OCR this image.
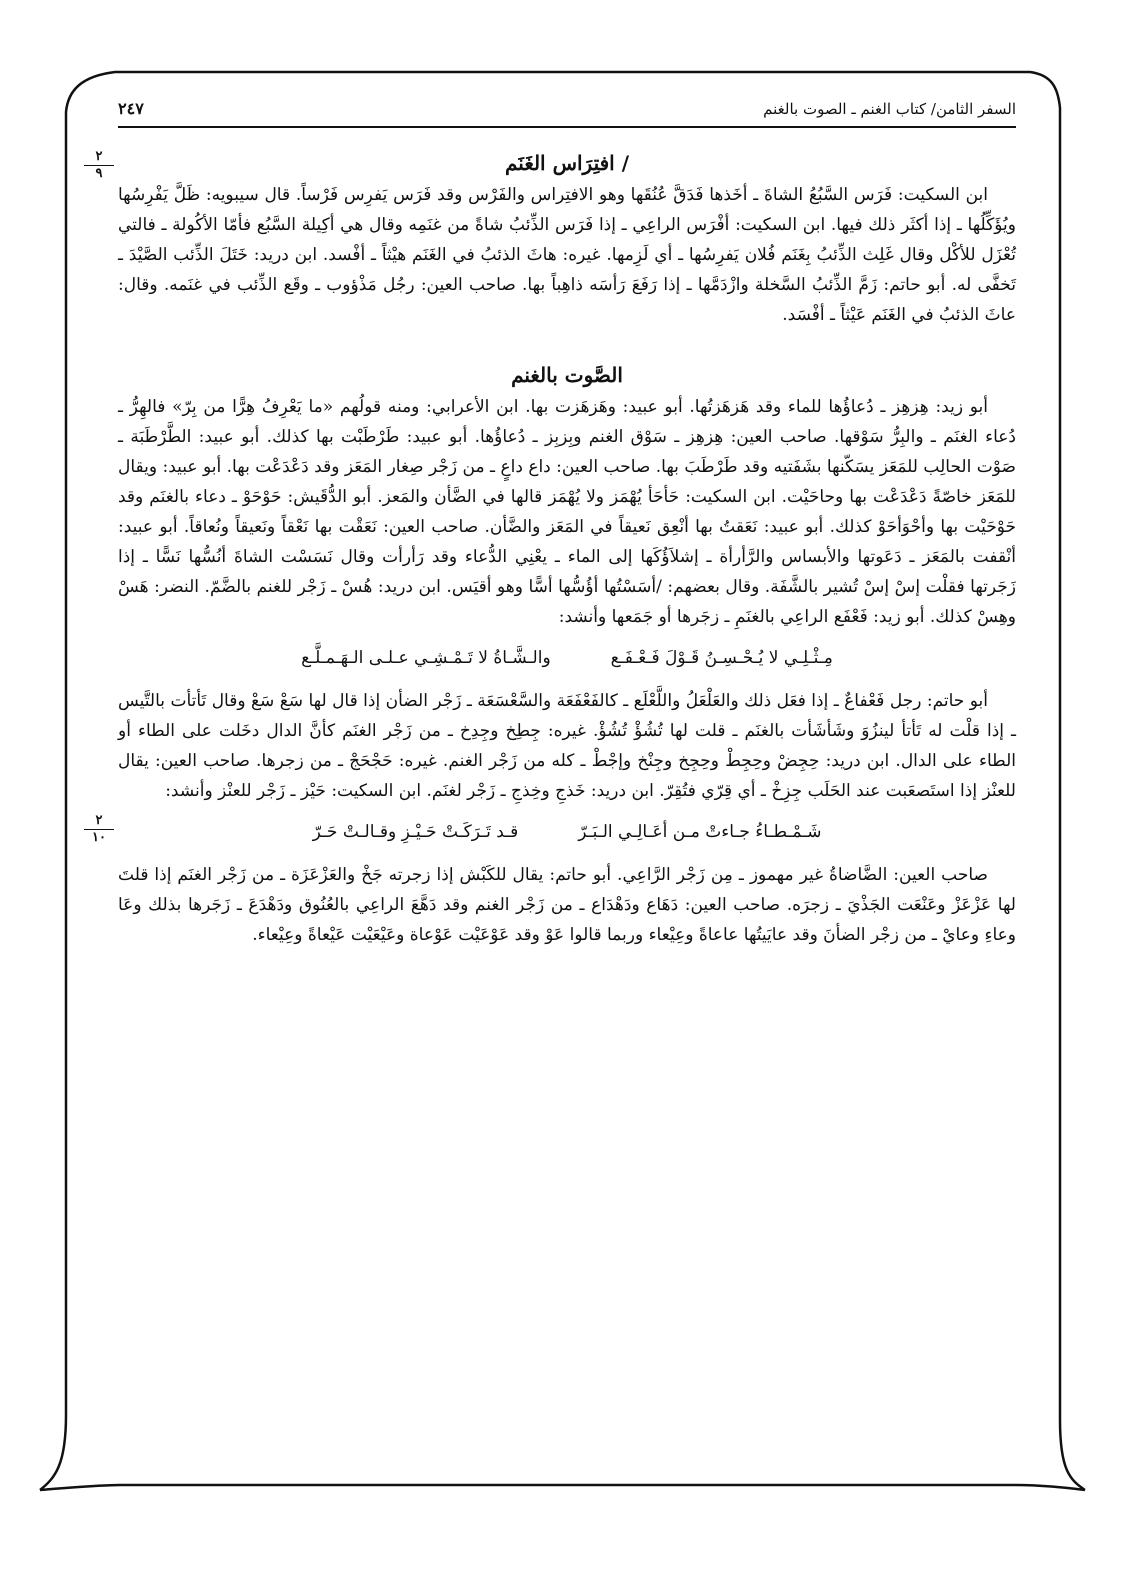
السفر الثامن/ كتاب الغنم ـ الصوت بالغنم
٢٤٧
/ افتِرَاس الغَنَم

ابن السكيت: فَرَس السَّبُعُ الشاةَ ـ أخَذها فَدَقَّ عُنُقَها وهو الافتِراس والفَرْس وقد فَرَس يَفرِس فَرْساً. قال سيبويه: ظَلَّ يَفْرِسُها ويُؤَكِّلُها ـ إذا أكثَر ذلك فيها. ابن السكيت: أفْرَس الراعِي ـ إذا فَرَس الذِّئبُ شاةً من غنَمِه وقال هي أكِيلة السَّبُع فأمّا الأكُولة ـ فالتي تُعْزَل للأكْل وقال غَلِث الذِّئبُ بِغَنَم فُلان يَفرِسُها ـ أي لَزِمها. غيره: هاثَ الذئبُ في الغَنَم هيْثاً ـ أفْسد. ابن دريد: خَتَلَ الذِّئب الصَّيْدَ ـ تَخفَّى له. أبو حاتم: زَمَّ الذِّئبُ السَّخلة وازْدَمَّها ـ إذا رَفَعَ رَأسَه ذاهِباً بها. صاحب العين: رجُل مَذْؤوب ـ وقَع الذِّئب في غنَمه. وقال: عاثَ الذئبُ في الغَنَم عَيْثاً ـ أفْسَد.

الصَّوت بالغنم

أبو زيد: هِزهِز ـ دُعاؤُها للماء وقد هَزهَزتُها. أبو عبيد: وهَزهَزت بها. ابن الأعرابي: ومنه قولُهم «ما يَعْرِفُ هِرًّا من بِرّ» فالهِرُّ ـ دُعاء الغنَم ـ والبِرُّ سَوْقها. صاحب العين: هِزهِز ـ سَوْق الغنم وبِزبِز ـ دُعاؤُها. أبو عبيد: طَرْطَبْت بها كذلك. أبو عبيد: الطَّرْطَبَة ـ صَوْت الحالِب للمَعَز يسَكّنها بشَفَتيه وقد طَرْطَبَ بها. صاحب العين: داع داعٍ ـ من زَجْر صِغار المَعَز وقد دَعْدَعْت بها. أبو عبيد: ويقال للمَعَز خاصّةً دَعْدَعْت بها وحاحَيْت. ابن السكيت: حَأحَأ يُهْمَز ولا يُهْمَز قالها في الضَّأن والمَعز. أبو الدُّقَيش: حَوْحَوْ ـ دعاء بالغنَم وقد حَوْحَيْت بها وأحْوَأحَوْ كذلك. أبو عبيد: نَعَقتُ بها أنْعِق نَعيقاً في المَعَز والضَّأن. صاحب العين: نَعَقْت بها نَعْقاً ونَعيقاً ونُعاقاً. أبو عبيد: أنْقفت بالمَعَز ـ دَعَوتها والأبساس والرَّأرأة ـ إشلاَؤُكَها إلى الماء ـ يعْنِي الدُّعاء وقد رَأرأت وقال نَسَسْت الشاةَ أنُسُّها نَسًّا ـ إذا زَجَرتها فقلْت إسْ إسْ تُشير بالشَّفَة. وقال بعضهم: /أسَسْتُها أؤُسُّها أسًّا وهو أقيَس. ابن دريد: هُسْ ـ زَجْر للغنم بالضَّمّ. النضر: هَسْ وهِسْ كذلك. أبو زيد: فَعْفَع الراعِي بالغنَمِ ـ زجَرها أو جَمَعها وأنشد:

مِـثْـلِـي لا يُـحْـسِـنُ قَـوْلَ فَـعْـفَـع
والـشَّـاةُ لا تَـمْـشِـي عـلـى الـهَـمـلَّـع

أبو حاتم: رجل فَعْفاعٌ ـ إذا فعَل ذلك والعَلْعَلُ واللَّعْلَع ـ كالفَعْفَعَة والسَّعْسَعَة ـ زَجْر الضأن إذا قال لها سَعْ سَعْ وقال تَأتأت بالتَّيس ـ إذا قلْت له تَأتأ لينزُوَ وشَأشَأت بالغنَم ـ قلت لها تُشُؤْ تُشُؤْ. غيره: جِطِخ وجِدِخ ـ من زَجْر الغنَم كأنَّ الدال دخَلت على الطاء أو الطاء على الدال. ابن دريد: حِجِضْ وحِجِطْ وحِجِخ وجِنْخ وإجْطْ ـ كله من زَجْر الغنم. غيره: حَجْحَجْ ـ من زجرها. صاحب العين: يقال للعنْز إذا استَصعَبت عند الحَلَب جِزِخْ ـ أي قِرّي فتُقِرّ. ابن دريد: خَذجِ وخِذجِ ـ زَجْر لغنَم. ابن السكيت: حَيْز ـ زَجْر للعنْز وأنشد:

شَـمْـطـاءُ جـاءتْ مـن أعَـالِـي الـبَـرّ
قـد تَـرَكَـتْ حَـيْـزِ وقـالـتْ حَـرّ

صاحب العين: الضَّاضاةُ غير مهموز ـ مِن زَجْر الرَّاعِي. أبو حاتم: يقال للكَبْش إذا زجرته جَخْ والعَزْعَزَة ـ من زَجْر الغنَم إذا قلتَ لها عَزْعَزْ وعَنْعَت الجَذْيَ ـ زجرَه. صاحب العين: دَهَاع ودَهْدَاع ـ من زَجْر الغنم وقد دَهَّعَ الراعِي بالعُنُوق ودَهْدَعَ ـ زَجَرها بذلك وعَا وعاءِ وعايْ ـ من زجْر الضأنَ وقد عايَيتُها عاعاةً وعِيْعاء وربما قالوا عَوْ وقد عَوْعَيْت عَوْعاة وعَيْعَيْت عَيْعاةً وعِيْعاء.

٢
٩
٢
١٠
